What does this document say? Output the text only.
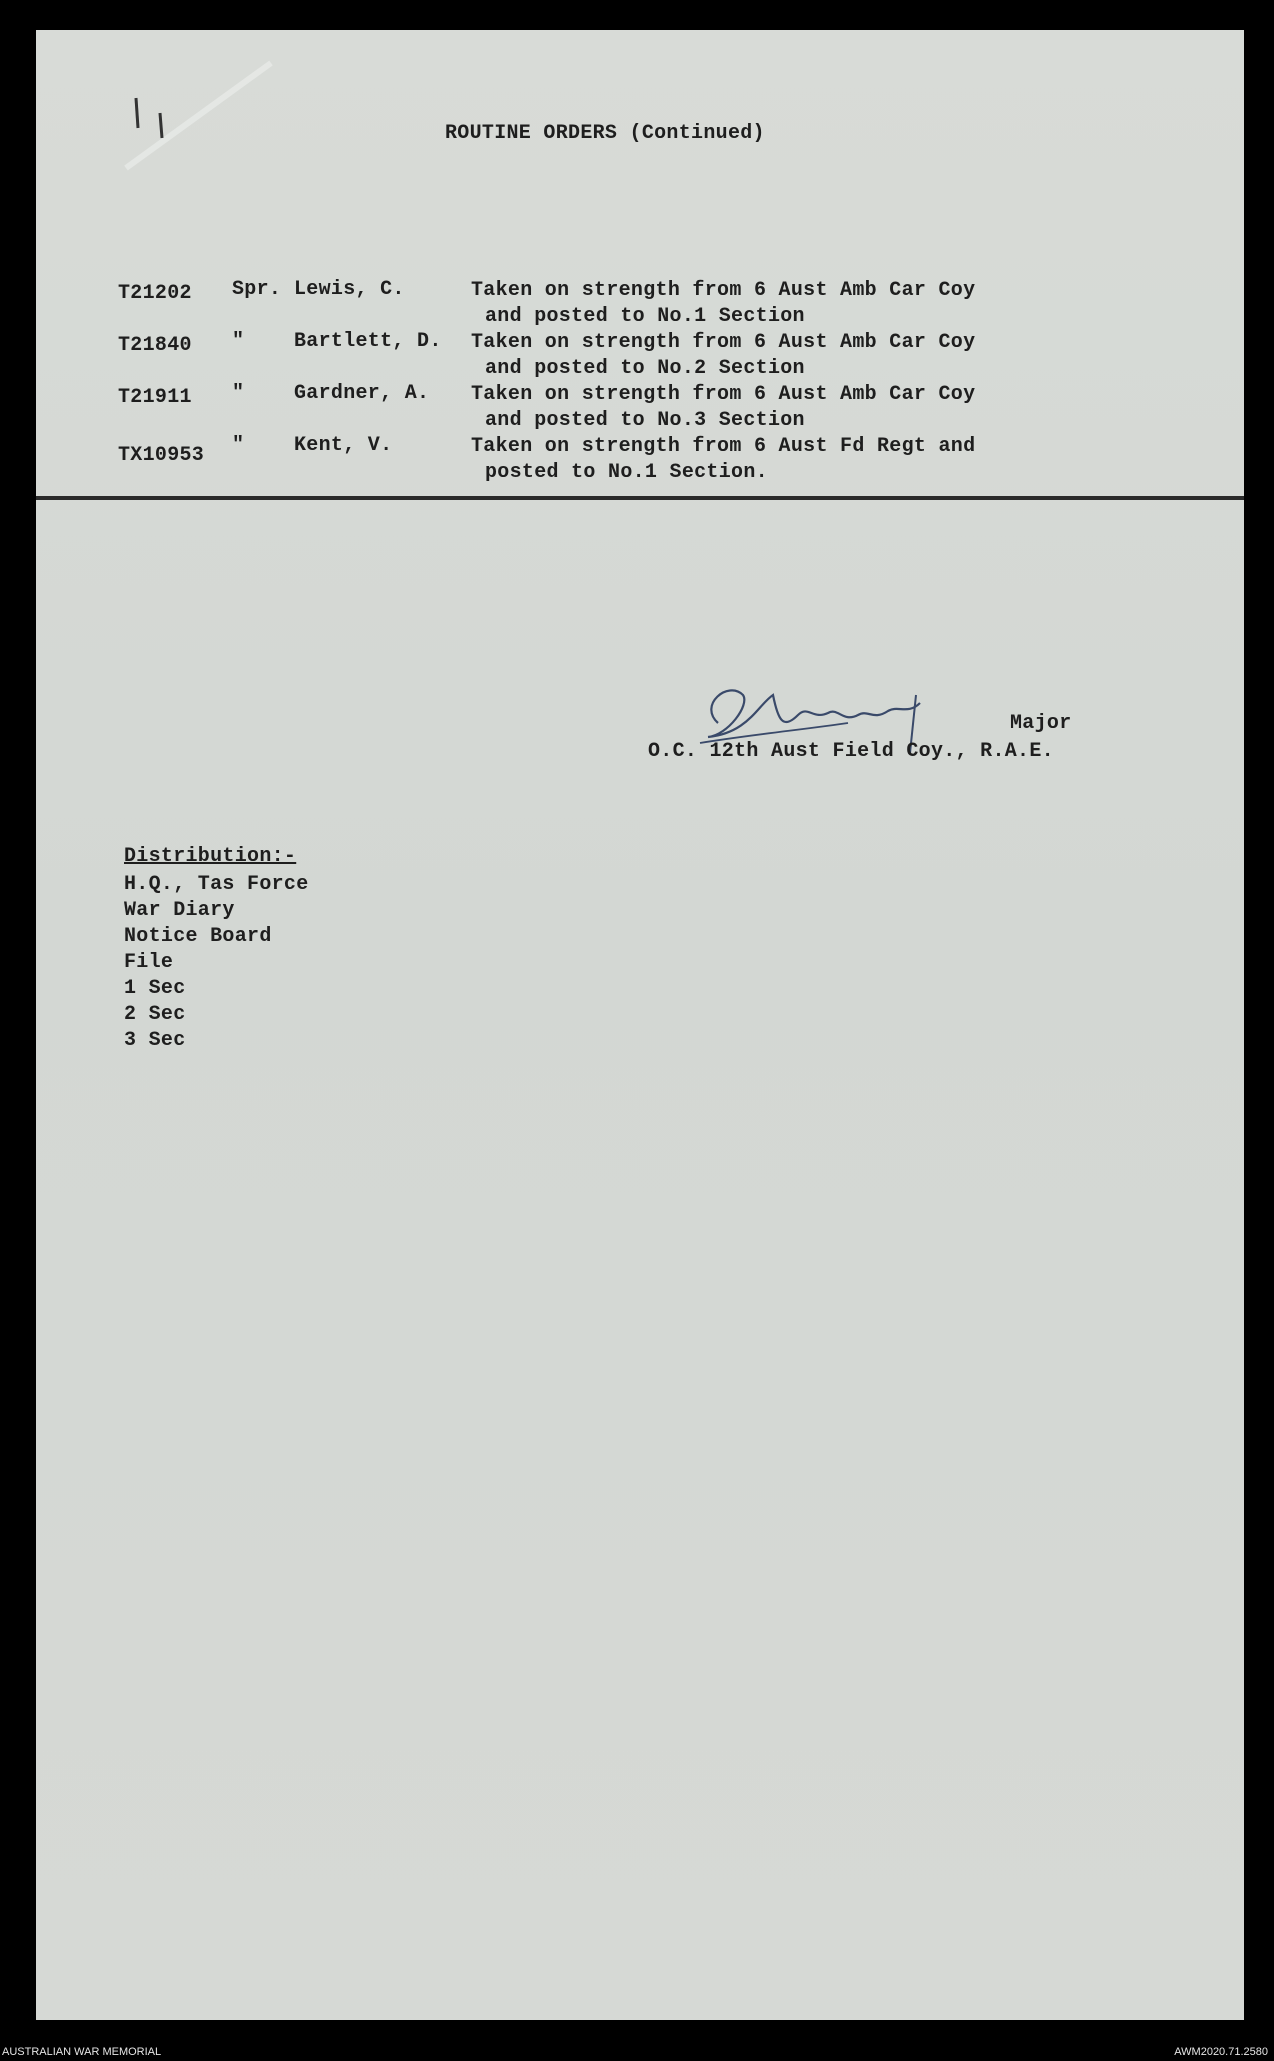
ROUTINE ORDERS (Continued)
T21202 Spr. Lewis, C.	Taken on strength from 6 Aust Amb Car Coy
and posted to No.1 Section
T21840 " Bartlett, D. Taken on strength from 6 Aust Amb Car Coy
and posted to No.2 Section
T21911 " Gardner, A. Taken on strength from 6 Aust Amb Car Coy
and posted to No.3 Section
TX10953 " Kent, V.	Taken on strength from 6 Aust Fd Regt and
posted to No.1 Section.
Major
O.C. 12th Aust Field Coy., R.A.E.
Distribution:-
H.Q., Tas Force
War Diary
Notice Board
File
1 Sec
2 Sec
3 Sec
AUSTRALIAN WAR MEMORIAL	AWM2020.71.2580
